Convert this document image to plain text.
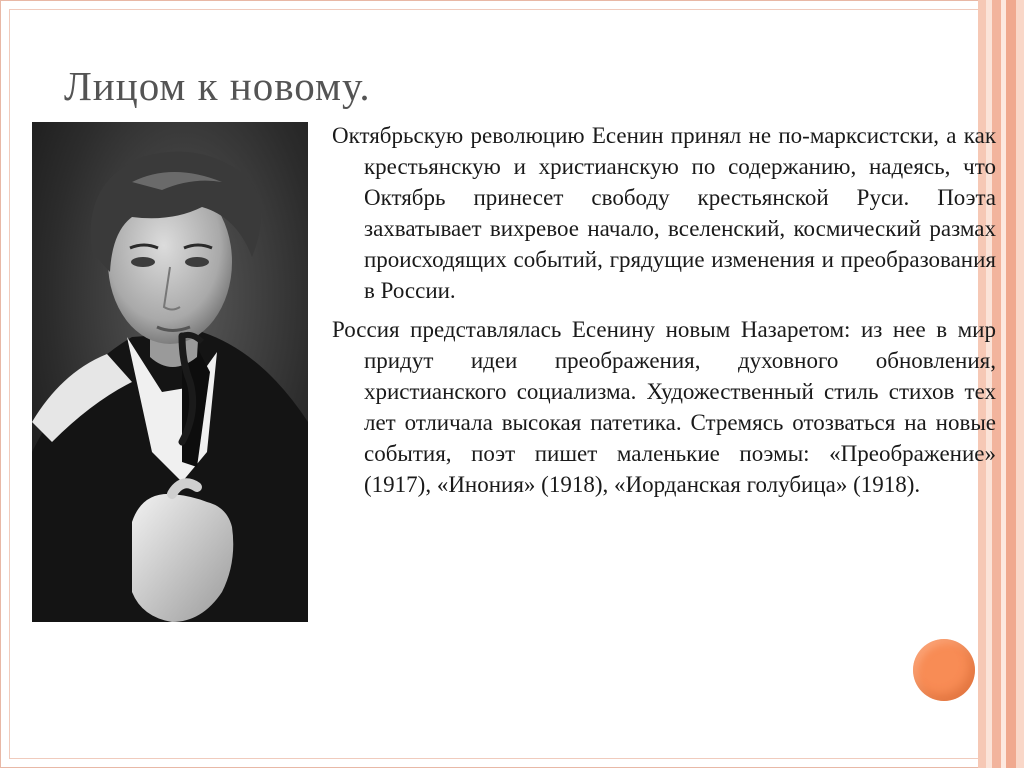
Лицом к новому.

Октябрьскую революцию Есенин принял не по-марксистски, а как крестьянскую и христианскую по содержанию, надеясь, что Октябрь принесет свободу крестьянской Руси. Поэта захватывает вихревое начало, вселенский, космический размах происходящих событий, грядущие изменения и преобразования в России.

Россия представлялась Есенину новым Назаретом: из нее в мир придут идеи преображения, духовного обновления, христианского социализма. Художественный стиль стихов тех лет отличала высокая патетика. Стремясь отозваться на новые события, поэт пишет маленькие поэмы: «Преображение» (1917), «Инония» (1918), «Иорданская голубица» (1918).
